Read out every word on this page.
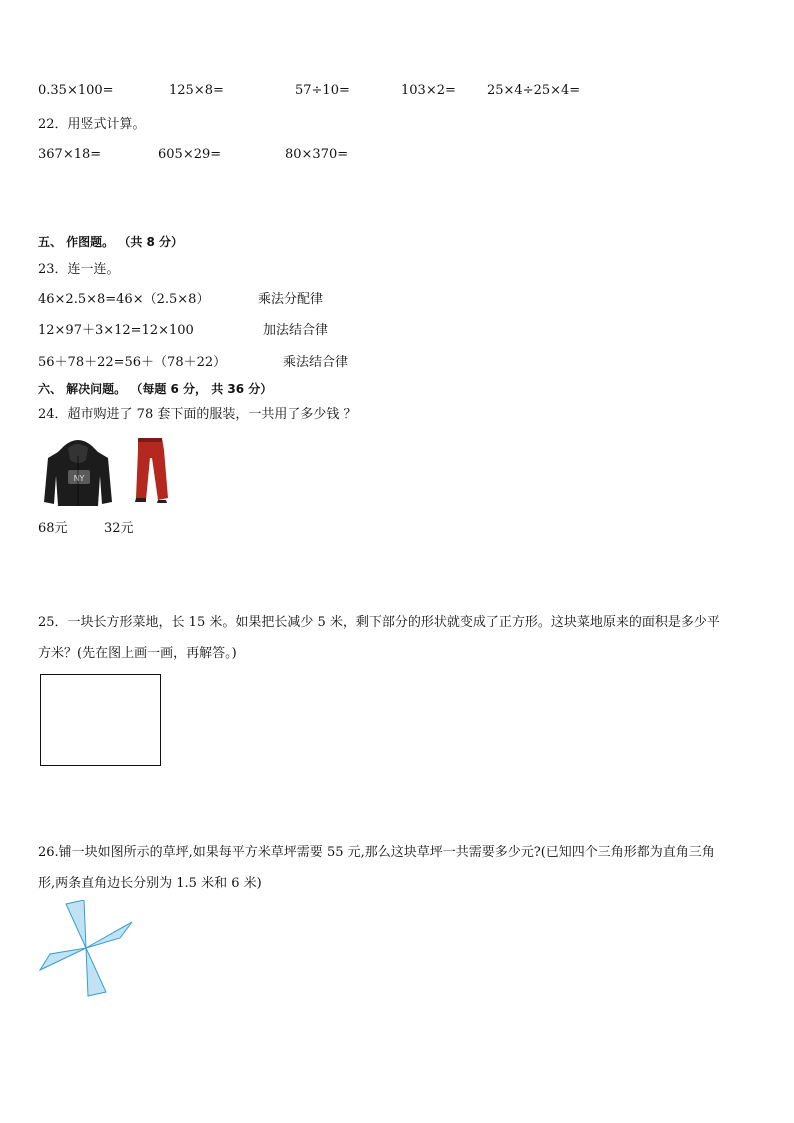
0.35×100=	125×8=	57÷10=	103×2= 25×4÷25×4=
22．用竖式计算。
367×18=	605×29=	80×370=
五、 作图题。 （共 8 分）
23．连一连。
46×2.5×8=46×（2.5×8）	乘法分配律
12×97＋3×12=12×100	加法结合律
56＋78＋22=56＋（78＋22）	乘法结合律
六、 解决问题。 （每题 6 分， 共 36 分）
24．超市购进了 78 套下面的服装，一共用了多少钱 ？
NY
68元	32元
25．一块长方形菜地，长 15 米。如果把长减少 5 米，剩下部分的形状就变成了正方形。这块菜地原来的面积是多少平
方米？(先在图上画一画，再解答。)
26.铺一块如图所示的草坪,如果每平方米草坪需要 55 元,那么这块草坪一共需要多少元?(已知四个三角形都为直角三角
形,两条直角边长分别为 1.5 米和 6 米)
